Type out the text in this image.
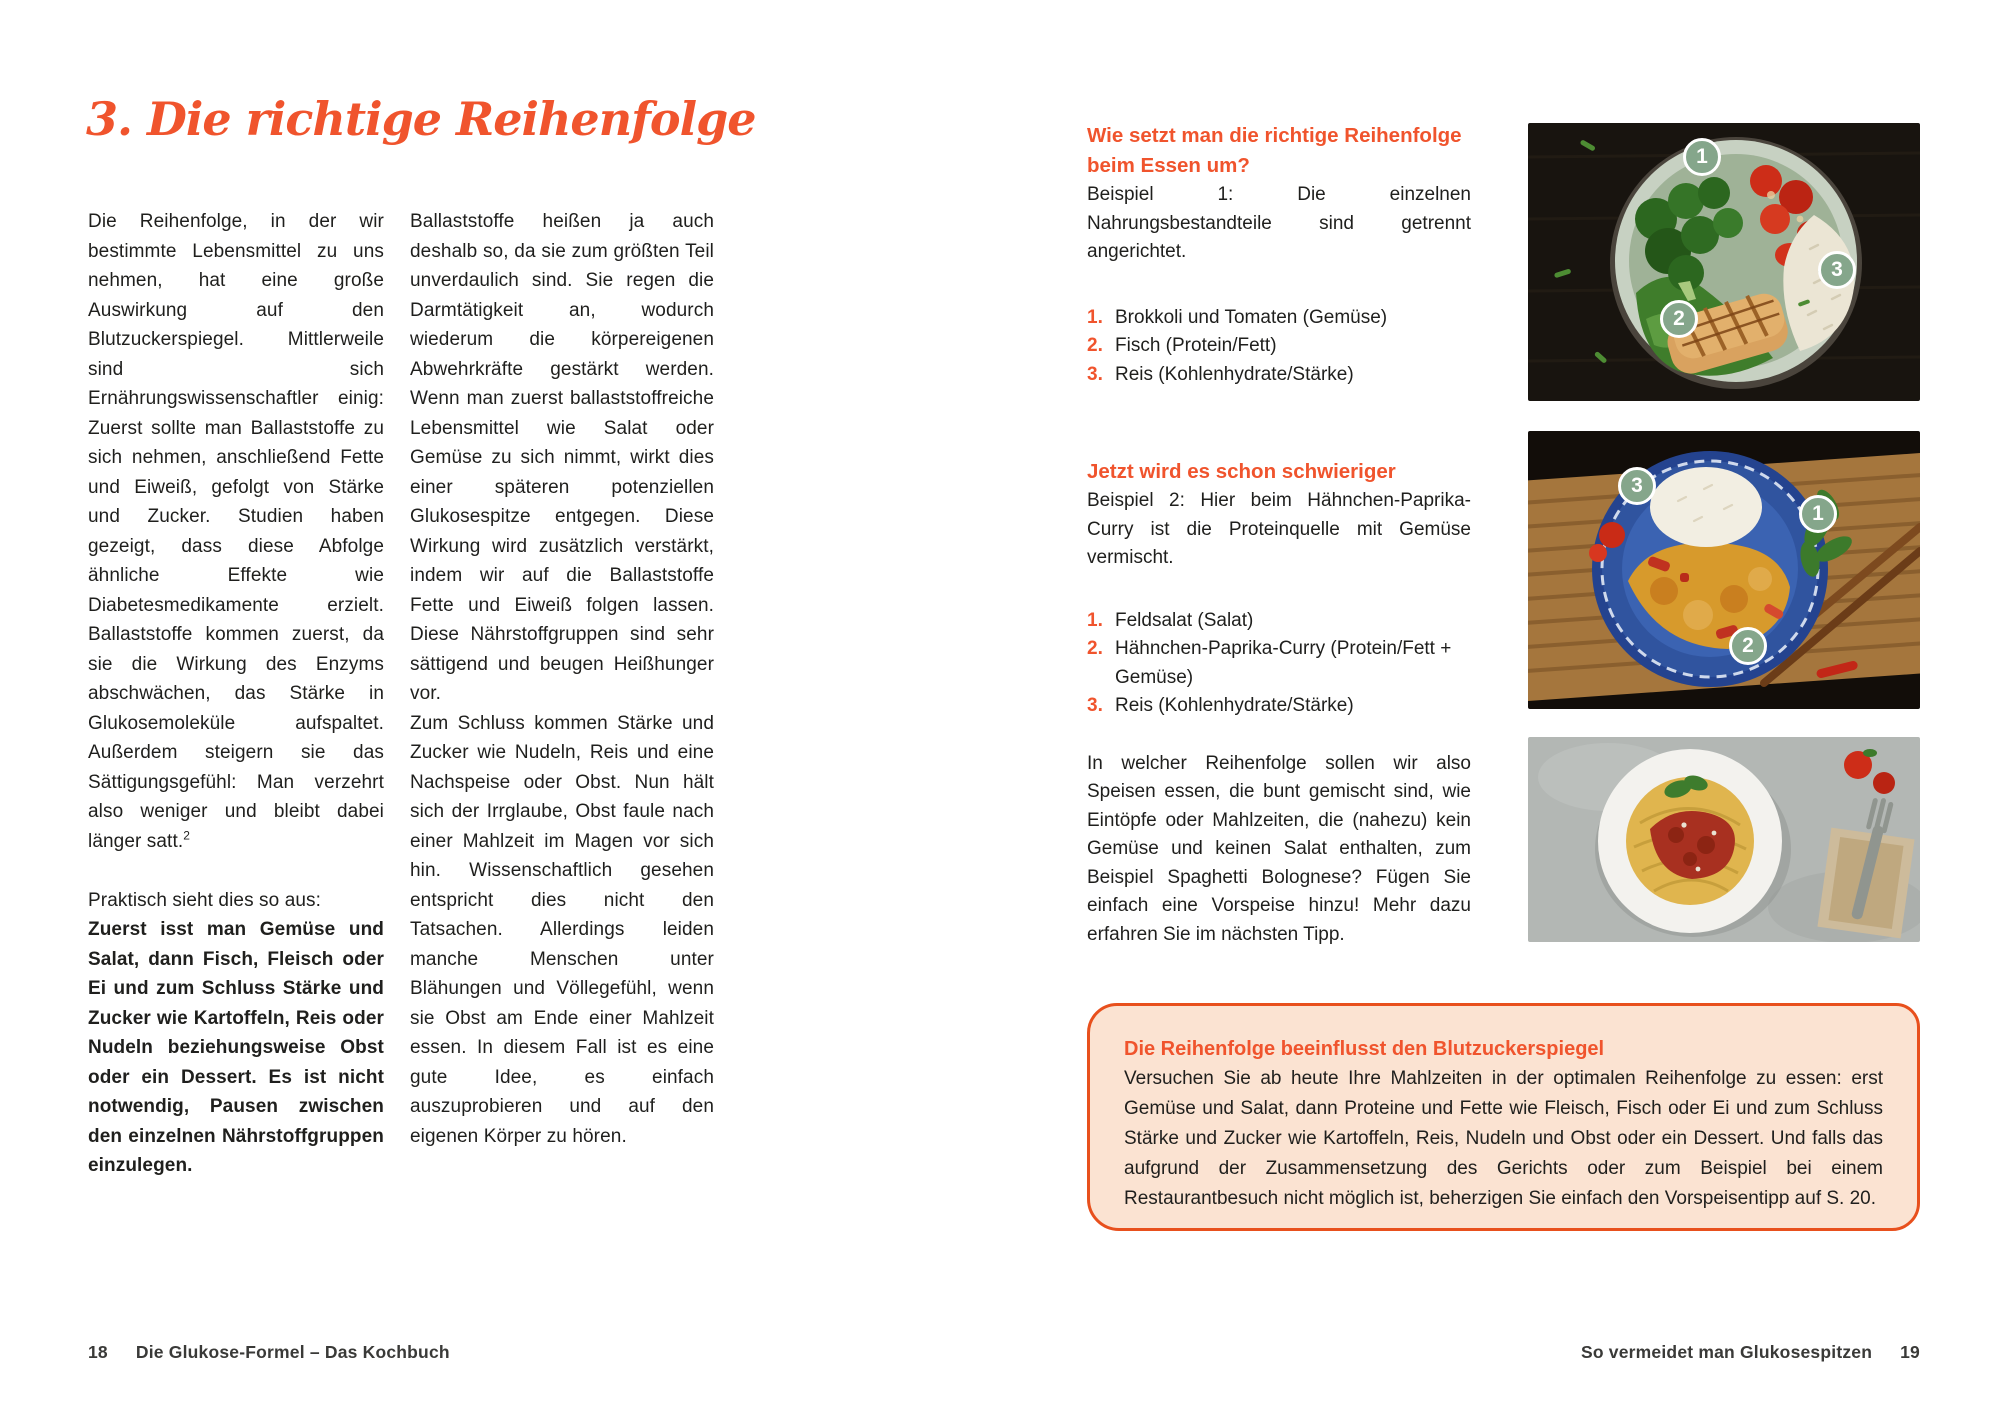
3. Die richtige Reihenfolge

Die Reihenfolge, in der wir bestimmte Lebensmittel zu uns nehmen, hat eine große Auswirkung auf den Blutzuckerspiegel. Mittlerweile sind sich Ernährungswissenschaftler einig: Zuerst sollte man Ballaststoffe zu sich nehmen, anschließend Fette und Eiweiß, gefolgt von Stärke und Zucker. Studien haben gezeigt, dass diese Abfolge ähnliche Effekte wie Diabetesmedikamente erzielt. Ballaststoffe kommen zuerst, da sie die Wirkung des Enzyms abschwächen, das Stärke in Glukosemoleküle aufspaltet. Außerdem steigern sie das Sättigungsgefühl: Man verzehrt also weniger und bleibt dabei länger satt.$^2$

Praktisch sieht dies so aus:

Zuerst isst man Gemüse und Salat, dann Fisch, Fleisch oder Ei und zum Schluss Stärke und Zucker wie Kartoffeln, Reis oder Nudeln beziehungsweise Obst oder ein Dessert. Es ist nicht notwendig, Pausen zwischen den einzelnen Nährstoffgruppen einzulegen.

Ballaststoffe heißen ja auch deshalb so, da sie zum größten Teil unverdaulich sind. Sie regen die Darmtätigkeit an, wodurch wiederum die körpereigenen Abwehrkräfte gestärkt werden. Wenn man zuerst ballaststoffreiche Lebensmittel wie Salat oder Gemüse zu sich nimmt, wirkt dies einer späteren potenziellen Glukosespitze entgegen. Diese Wirkung wird zusätzlich verstärkt, indem wir auf die Ballaststoffe Fette und Eiweiß folgen lassen. Diese Nährstoffgruppen sind sehr sättigend und beugen Heißhunger vor.

Zum Schluss kommen Stärke und Zucker wie Nudeln, Reis und eine Nachspeise oder Obst. Nun hält sich der Irrglaube, Obst faule nach einer Mahlzeit im Magen vor sich hin. Wissenschaftlich gesehen entspricht dies nicht den Tatsachen. Allerdings leiden manche Menschen unter Blähungen und Völlegefühl, wenn sie Obst am Ende einer Mahlzeit essen. In diesem Fall ist es eine gute Idee, es einfach auszuprobieren und auf den eigenen Körper zu hören.

Wie setzt man die richtige Reihenfolge beim Essen um?

Beispiel 1: Die einzelnen Nahrungsbestandteile sind getrennt angerichtet.

1. Brokkoli und Tomaten (Gemüse)
2. Fisch (Protein/Fett)
3. Reis (Kohlenhydrate/Stärke)
Jetzt wird es schon schwieriger

Beispiel 2: Hier beim Hähnchen-Paprika-Curry ist die Proteinquelle mit Gemüse vermischt.

1. Feldsalat (Salat)
2. Hähnchen-Paprika-Curry (Protein/Fett + Gemüse)
3. Reis (Kohlenhydrate/Stärke)

In welcher Reihenfolge sollen wir also Speisen essen, die bunt gemischt sind, wie Eintöpfe oder Mahlzeiten, die (nahezu) kein Gemüse und keinen Salat enthalten, zum Beispiel Spaghetti Bolognese? Fügen Sie einfach eine Vorspeise hinzu! Mehr dazu erfahren Sie im nächsten Tipp.

1
2
3
3
1
2
Die Reihenfolge beeinflusst den Blutzuckerspiegel
Versuchen Sie ab heute Ihre Mahlzeiten in der optimalen Reihenfolge zu essen: erst Gemüse und Salat, dann Proteine und Fette wie Fleisch, Fisch oder Ei und zum Schluss Stärke und Zucker wie Kartoffeln, Reis, Nudeln und Obst oder ein Dessert. Und falls das aufgrund der Zusammensetzung des Gerichts oder zum Beispiel bei einem Restaurantbesuch nicht möglich ist, beherzigen Sie einfach den Vorspeisentipp auf S. 20.
18 Die Glukose-Formel – Das Kochbuch	So vermeidet man Glukosespitzen 19
